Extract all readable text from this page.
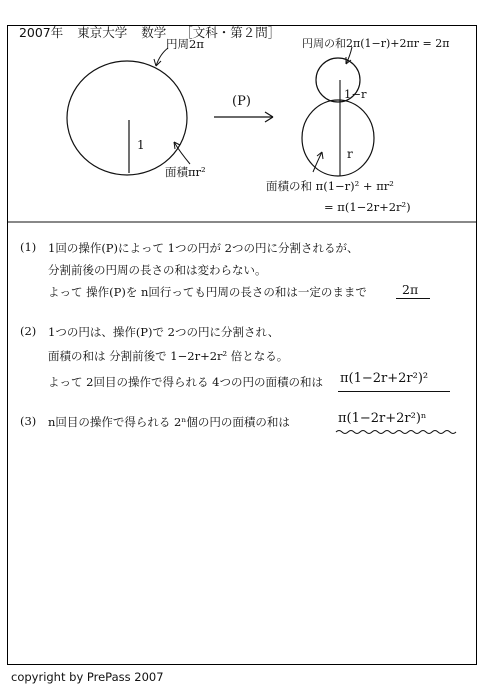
2007年 東京大学 数学 ［文科・第２問］

円周2π
1
面積πr²
(P)
円周の和2π(1−r)+2πr = 2π
1−r
r
面積の和 π(1−r)² + πr²
= π(1−2r+2r²)
(1) 1回の操作(P)によって 1つの円が 2つの円に分割されるが、
分割前後の円周の長さの和は変わらない。
よって 操作(P)を n回行っても円周の長さの和は一定のままで	2π
(2) 1つの円は、操作(P)で 2つの円に分割され、
面積の和は 分割前後で 1−2r+2r² 倍となる。
よって 2回目の操作で得られる 4つの円の面積の和は π(1−2r+2r²)²
(3) n回目の操作で得られる 2ⁿ個の円の面積の和は	π(1−2r+2r²)ⁿ
copyright by PrePass 2007
